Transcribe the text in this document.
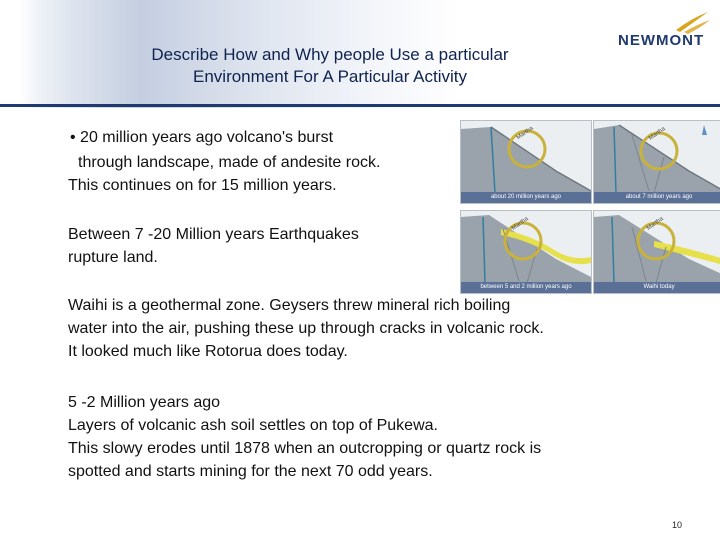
Describe How and Why people Use a particular
Environment For A Particular Activity
NEWMONT
• 20 million years ago volcano's burst
through landscape, made of andesite rock.
This continues on for 15 million years.
Between 7 -20 Million years Earthquakes
rupture land.
Waihi is a geothermal zone. Geysers threw mineral rich boiling
water into the air, pushing these up through cracks in volcanic rock.
It looked much like Rotorua does today.
5 -2 Million years ago
Layers of volcanic ash soil settles on top of Pukewa.
This slowy erodes until 1878 when an outcropping or quartz rock is
spotted and starts mining for the next 70 odd years.
Martha
about 20 million years ago
Martha
about 7 million years ago
Martha
between 5 and 2 million years ago
Martha
Waihi today
10
